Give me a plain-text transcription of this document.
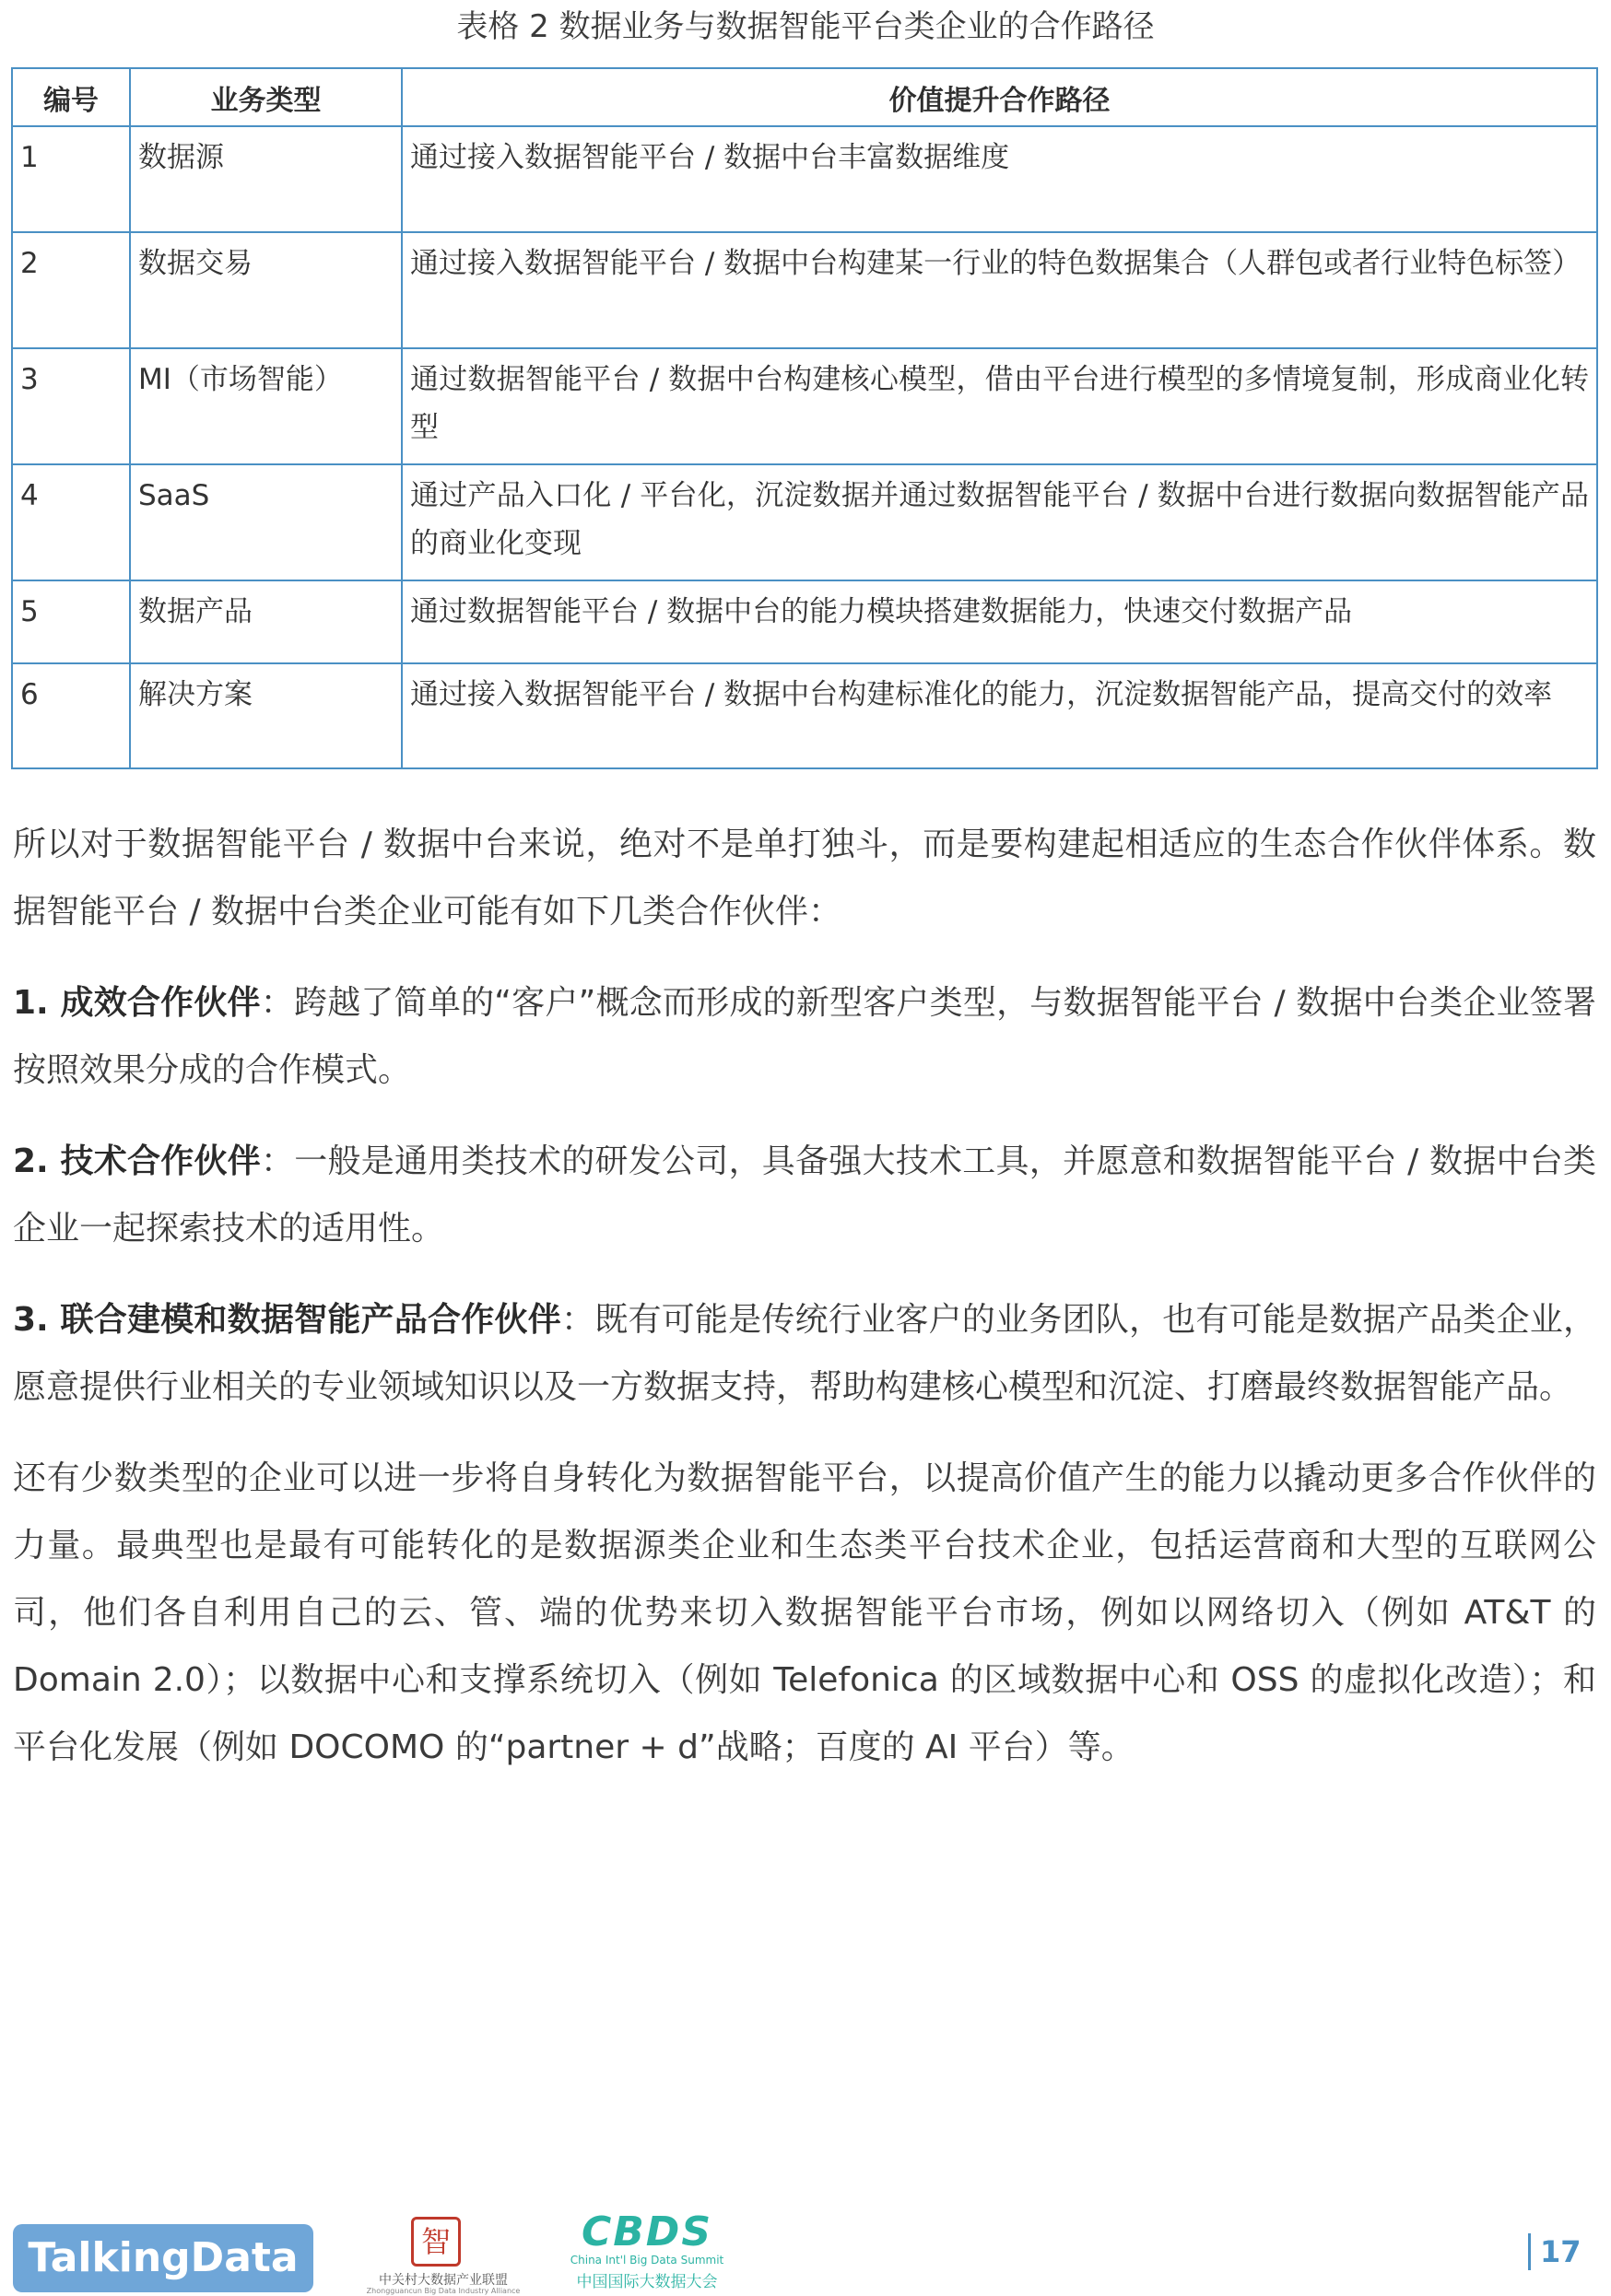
表格 2 数据业务与数据智能平台类企业的合作路径
编号	业务类型	价值提升合作路径
1	数据源	通过接入数据智能平台 / 数据中台丰富数据维度
2	数据交易	通过接入数据智能平台 / 数据中台构建某一行业的特色数据集合（人群包或者行业特色标签）
3	MI（市场智能）	通过数据智能平台 / 数据中台构建核心模型，借由平台进行模型的多情境复制，形成商业化转型
4	SaaS	通过产品入口化 / 平台化，沉淀数据并通过数据智能平台 / 数据中台进行数据向数据智能产品的商业化变现
5	数据产品	通过数据智能平台 / 数据中台的能力模块搭建数据能力，快速交付数据产品
6	解决方案	通过接入数据智能平台 / 数据中台构建标准化的能力，沉淀数据智能产品，提高交付的效率

所以对于数据智能平台 / 数据中台来说，绝对不是单打独斗，而是要构建起相适应的生态合作伙伴体系。数据智能平台 / 数据中台类企业可能有如下几类合作伙伴：

1. 成效合作伙伴：跨越了简单的“客户”概念而形成的新型客户类型，与数据智能平台 / 数据中台类企业签署按照效果分成的合作模式。

2. 技术合作伙伴：一般是通用类技术的研发公司，具备强大技术工具，并愿意和数据智能平台 / 数据中台类企业一起探索技术的适用性。

3. 联合建模和数据智能产品合作伙伴：既有可能是传统行业客户的业务团队，也有可能是数据产品类企业，愿意提供行业相关的专业领域知识以及一方数据支持，帮助构建核心模型和沉淀、打磨最终数据智能产品。

还有少数类型的企业可以进一步将自身转化为数据智能平台，以提高价值产生的能力以撬动更多合作伙伴的力量。最典型也是最有可能转化的是数据源类企业和生态类平台技术企业，包括运营商和大型的互联网公司，他们各自利用自己的云、管、端的优势来切入数据智能平台市场，例如以网络切入（例如 AT&T 的 Domain 2.0）；以数据中心和支撑系统切入（例如 Telefonica 的区域数据中心和 OSS 的虚拟化改造）；和平台化发展（例如 DOCOMO 的“partner + d”战略；百度的 AI 平台）等。

TalkingData	智
中关村大数据产业联盟
Zhongguancun Big Data Industry Alliance
CBDS
China Int'l Big Data Summit
中国国际大数据大会
17
